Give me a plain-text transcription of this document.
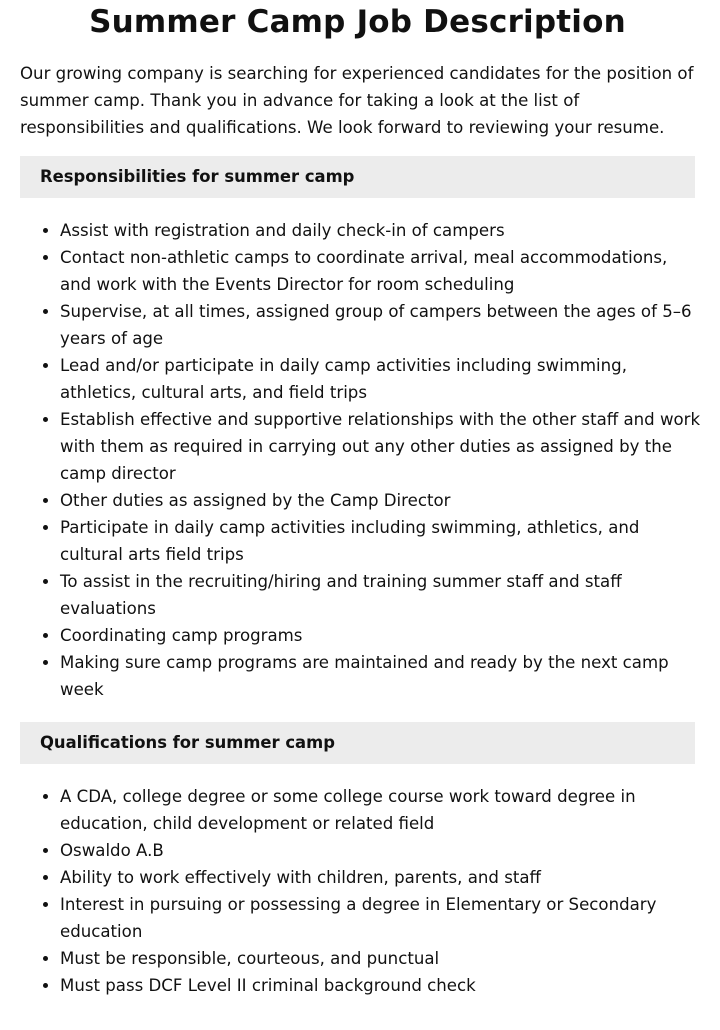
Summer Camp Job Description

Our growing company is searching for experienced candidates for the position of summer camp. Thank you in advance for taking a look at the list of responsibilities and qualifications. We look forward to reviewing your resume.

Responsibilities for summer camp
• Assist with registration and daily check-in of campers
• Contact non-athletic camps to coordinate arrival, meal accommodations, and work with the Events Director for room scheduling
• Supervise, at all times, assigned group of campers between the ages of 5–6 years of age
• Lead and/or participate in daily camp activities including swimming, athletics, cultural arts, and field trips
• Establish effective and supportive relationships with the other staff and work with them as required in carrying out any other duties as assigned by the camp director
• Other duties as assigned by the Camp Director
• Participate in daily camp activities including swimming, athletics, and cultural arts field trips
• To assist in the recruiting/hiring and training summer staff and staff evaluations
• Coordinating camp programs
• Making sure camp programs are maintained and ready by the next camp week
Qualifications for summer camp
• A CDA, college degree or some college course work toward degree in education, child development or related field
• Oswaldo A.B
• Ability to work effectively with children, parents, and staff
• Interest in pursuing or possessing a degree in Elementary or Secondary education
• Must be responsible, courteous, and punctual
• Must pass DCF Level II criminal background check
